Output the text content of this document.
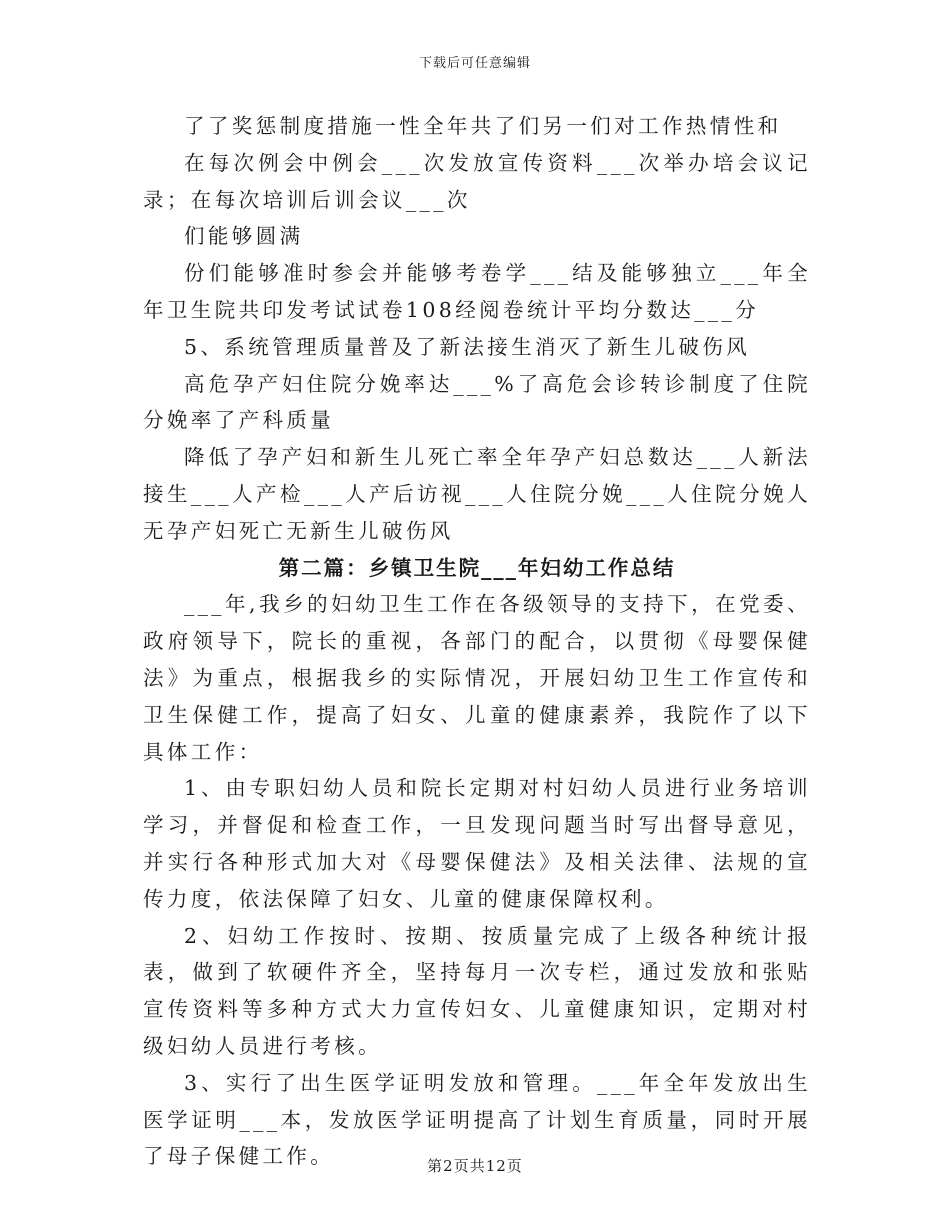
下载后可任意编辑

了了奖惩制度措施一性全年共了们另一们对工作热情性和

在每次例会中例会___次发放宣传资料___次举办培会议记录；在每次培训后训会议___次

们能够圆满

份们能够准时参会并能够考卷学___结及能够独立___年全年卫生院共印发考试试卷108经阅卷统计平均分数达___分

5、系统管理质量普及了新法接生消灭了新生儿破伤风

高危孕产妇住院分娩率达___%了高危会诊转诊制度了住院分娩率了产科质量

降低了孕产妇和新生儿死亡率全年孕产妇总数达___人新法接生___人产检___人产后访视___人住院分娩___人住院分娩人无孕产妇死亡无新生儿破伤风

第二篇：乡镇卫生院___年妇幼工作总结

___年,我乡的妇幼卫生工作在各级领导的支持下，在党委、政府领导下，院长的重视，各部门的配合，以贯彻《母婴保健法》为重点，根据我乡的实际情况，开展妇幼卫生工作宣传和卫生保健工作，提高了妇女、儿童的健康素养，我院作了以下具体工作：

1、由专职妇幼人员和院长定期对村妇幼人员进行业务培训学习，并督促和检查工作，一旦发现问题当时写出督导意见，并实行各种形式加大对《母婴保健法》及相关法律、法规的宣传力度，依法保障了妇女、儿童的健康保障权利。

2、妇幼工作按时、按期、按质量完成了上级各种统计报表，做到了软硬件齐全，坚持每月一次专栏，通过发放和张贴宣传资料等多种方式大力宣传妇女、儿童健康知识，定期对村级妇幼人员进行考核。

3、实行了出生医学证明发放和管理。___年全年发放出生医学证明___本，发放医学证明提高了计划生育质量，同时开展了母子保健工作。	第2页共12页
